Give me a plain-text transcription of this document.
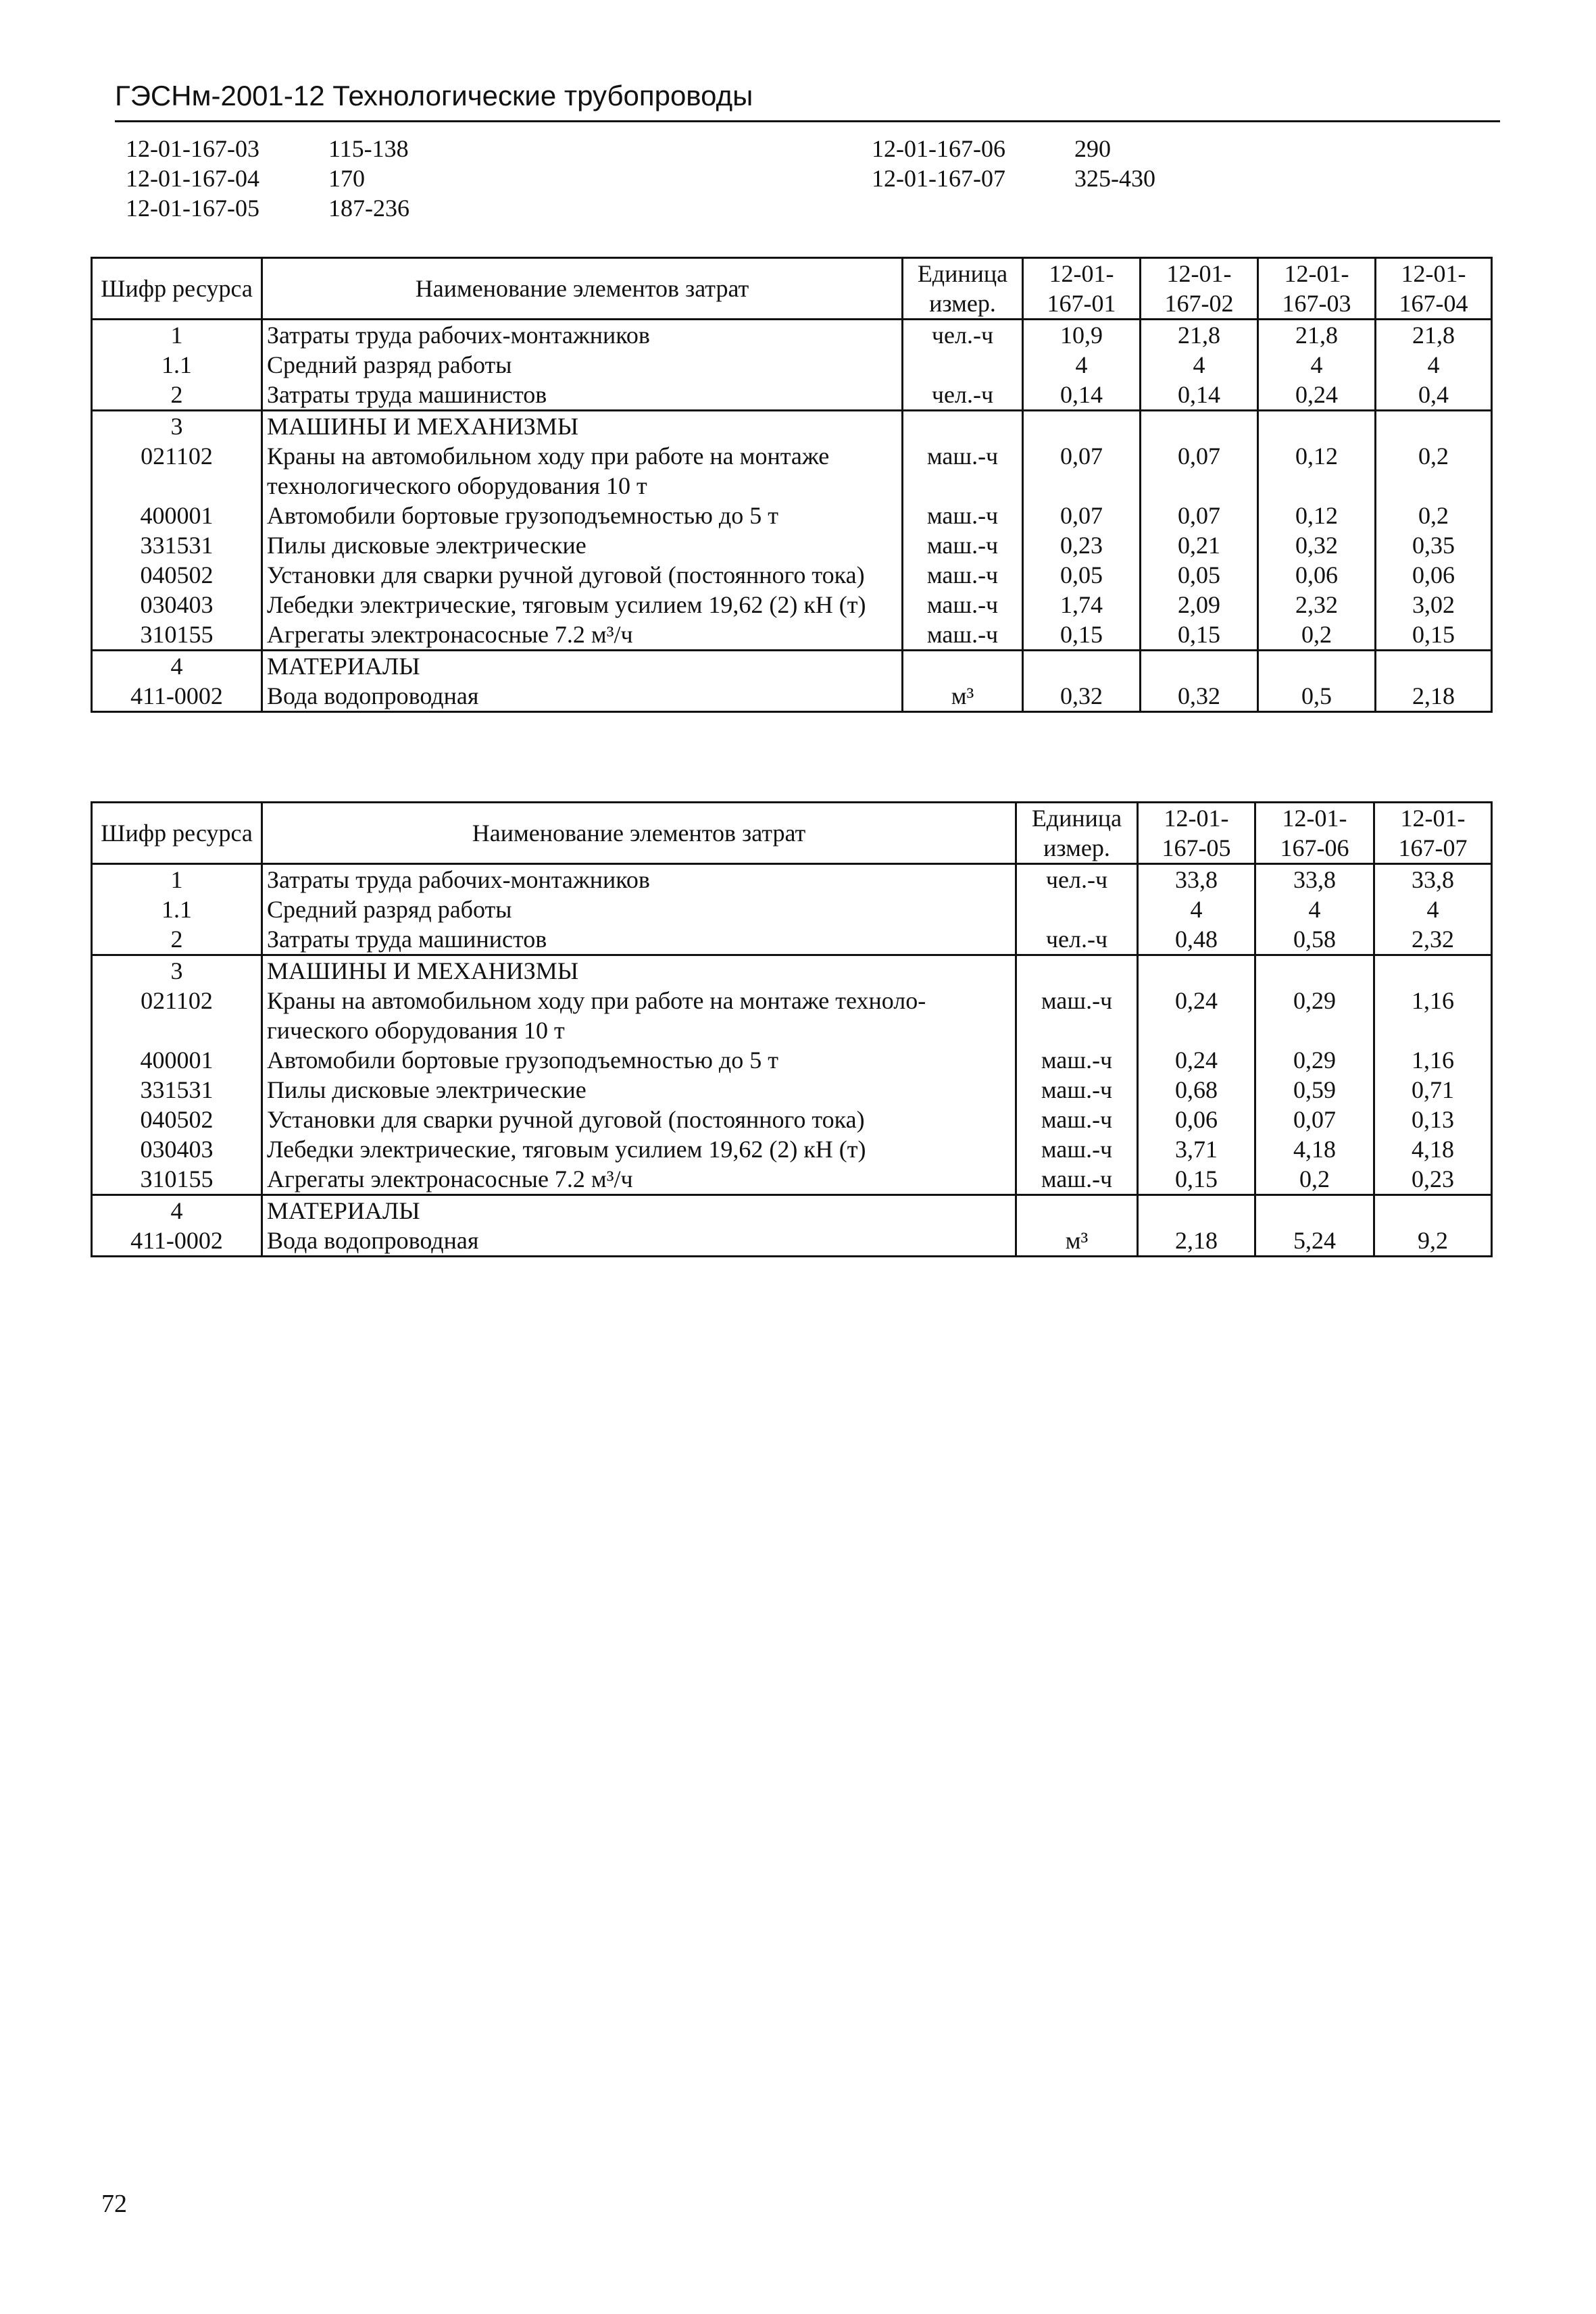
ГЭСНм-2001-12 Технологические трубопроводы
12-01-167-03	115-138
12-01-167-04	170
12-01-167-05	187-236
12-01-167-06	290
12-01-167-07	325-430
Шифр ресурса	Наименование элементов затрат	Единица измер.	12-01-167-01	12-01-167-02	12-01-167-03	12-01-167-04
1	Затраты труда рабочих-монтажников	чел.-ч	10,9	21,8	21,8	21,8
1.1	Средний разряд работы		4	4	4	4
2	Затраты труда машинистов	чел.-ч	0,14	0,14	0,24	0,4
3	МАШИНЫ И МЕХАНИЗМЫ					
021102	Краны на автомобильном ходу при работе на монтаже технологического оборудования 10 т	маш.-ч	0,07	0,07	0,12	0,2
400001	Автомобили бортовые грузоподъемностью до 5 т	маш.-ч	0,07	0,07	0,12	0,2
331531	Пилы дисковые электрические	маш.-ч	0,23	0,21	0,32	0,35
040502	Установки для сварки ручной дуговой (постоянного тока)	маш.-ч	0,05	0,05	0,06	0,06
030403	Лебедки электрические, тяговым усилием 19,62 (2) кН (т)	маш.-ч	1,74	2,09	2,32	3,02
310155	Агрегаты электронасосные 7.2 м³/ч	маш.-ч	0,15	0,15	0,2	0,15
4	МАТЕРИАЛЫ					
411-0002	Вода водопроводная	м³	0,32	0,32	0,5	2,18
Шифр ресурса	Наименование элементов затрат	Единица измер.	12-01-167-05	12-01-167-06	12-01-167-07
1	Затраты труда рабочих-монтажников	чел.-ч	33,8	33,8	33,8
1.1	Средний разряд работы		4	4	4
2	Затраты труда машинистов	чел.-ч	0,48	0,58	2,32
3	МАШИНЫ И МЕХАНИЗМЫ				
021102	Краны на автомобильном ходу при работе на монтаже техноло-гического оборудования 10 т	маш.-ч	0,24	0,29	1,16
400001	Автомобили бортовые грузоподъемностью до 5 т	маш.-ч	0,24	0,29	1,16
331531	Пилы дисковые электрические	маш.-ч	0,68	0,59	0,71
040502	Установки для сварки ручной дуговой (постоянного тока)	маш.-ч	0,06	0,07	0,13
030403	Лебедки электрические, тяговым усилием 19,62 (2) кН (т)	маш.-ч	3,71	4,18	4,18
310155	Агрегаты электронасосные 7.2 м³/ч	маш.-ч	0,15	0,2	0,23
4	МАТЕРИАЛЫ				
411-0002	Вода водопроводная	м³	2,18	5,24	9,2
72
